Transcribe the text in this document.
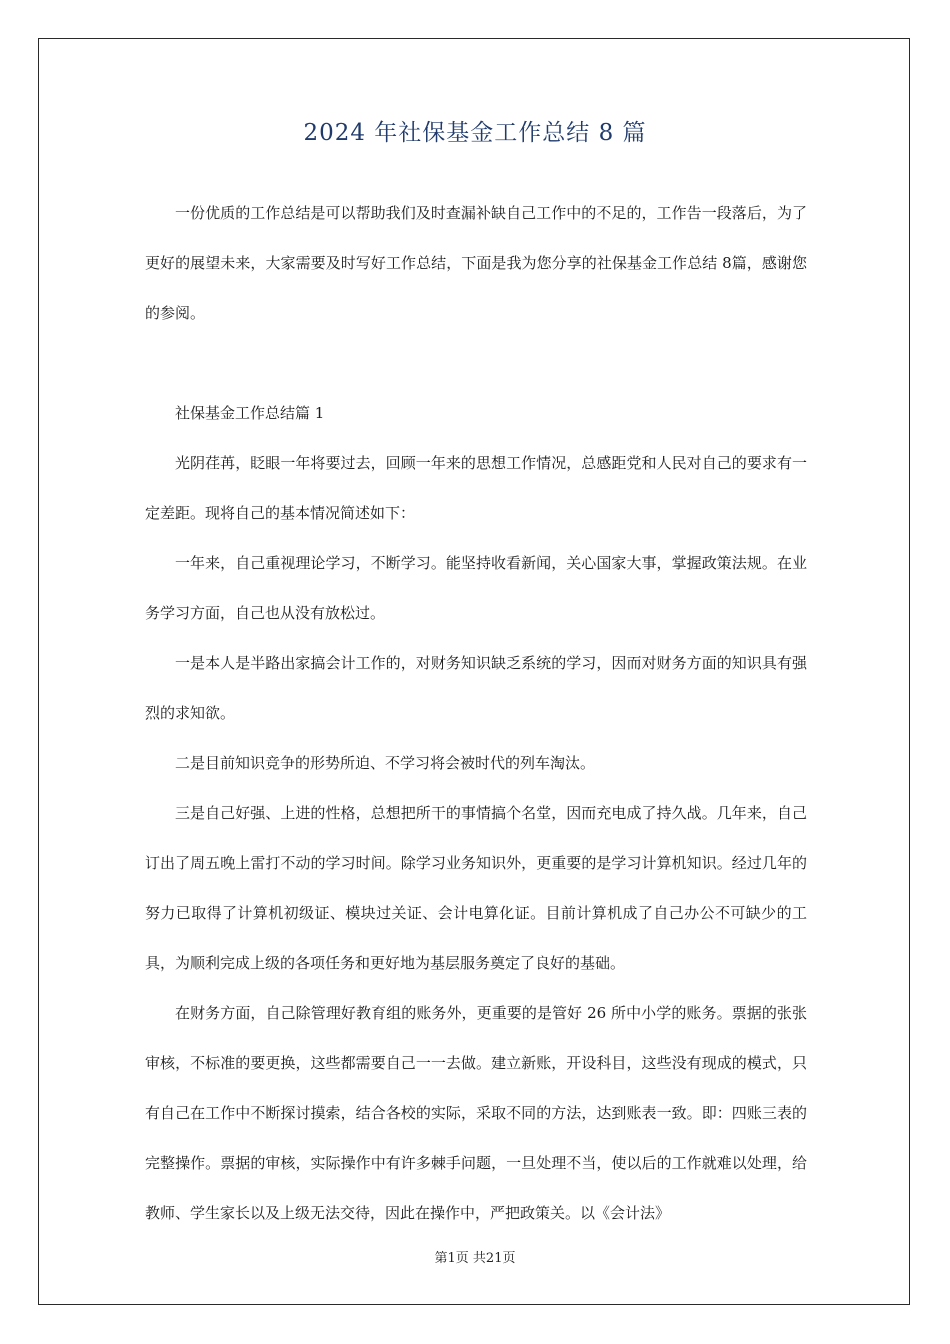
2024 年社保基金工作总结 8 篇

一份优质的工作总结是可以帮助我们及时查漏补缺自己工作中的不足的，工作告一段落后，为了更好的展望未来，大家需要及时写好工作总结，下面是我为您分享的社保基金工作总结 8篇，感谢您的参阅。

社保基金工作总结篇 1

光阴荏苒，眨眼一年将要过去，回顾一年来的思想工作情况，总感距党和人民对自己的要求有一定差距。现将自己的基本情况简述如下：

一年来，自己重视理论学习，不断学习。能坚持收看新闻，关心国家大事，掌握政策法规。在业务学习方面，自己也从没有放松过。

一是本人是半路出家搞会计工作的，对财务知识缺乏系统的学习，因而对财务方面的知识具有强烈的求知欲。

二是目前知识竞争的形势所迫、不学习将会被时代的列车淘汰。

三是自己好强、上进的性格，总想把所干的事情搞个名堂，因而充电成了持久战。几年来，自己订出了周五晚上雷打不动的学习时间。除学习业务知识外，更重要的是学习计算机知识。经过几年的努力已取得了计算机初级证、模块过关证、会计电算化证。目前计算机成了自己办公不可缺少的工具，为顺利完成上级的各项任务和更好地为基层服务奠定了良好的基础。

在财务方面，自己除管理好教育组的账务外，更重要的是管好 26 所中小学的账务。票据的张张审核，不标准的要更换，这些都需要自己一一去做。建立新账，开设科目，这些没有现成的模式，只有自己在工作中不断探讨摸索，结合各校的实际，采取不同的方法，达到账表一致。即：四账三表的完整操作。票据的审核，实际操作中有许多棘手问题，一旦处理不当，使以后的工作就难以处理，给教师、学生家长以及上级无法交待，因此在操作中，严把政策关。以《会计法》

第1页 共21页
